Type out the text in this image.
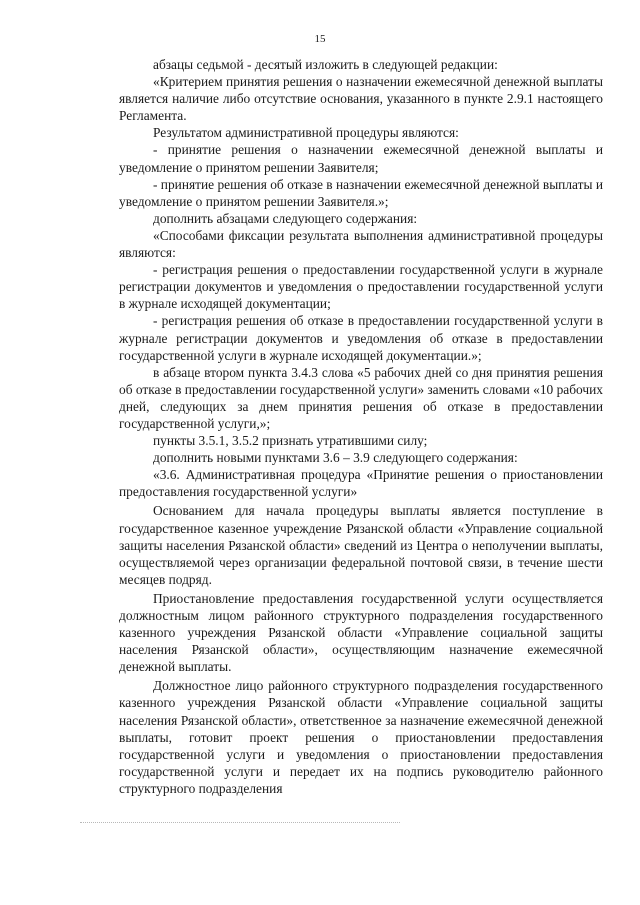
15

абзацы седьмой - десятый изложить в следующей редакции:

«Критерием принятия решения о назначении ежемесячной денежной выплаты является наличие либо отсутствие основания, указанного в пункте 2.9.1 настоящего Регламента.

Результатом административной процедуры являются:

- принятие решения о назначении ежемесячной денежной выплаты и уведомление о принятом решении Заявителя;

- принятие решения об отказе в назначении ежемесячной денежной выплаты и уведомление о принятом решении Заявителя.»;

дополнить абзацами следующего содержания:

«Способами фиксации результата выполнения административной процедуры являются:

- регистрация решения о предоставлении государственной услуги в журнале регистрации документов и уведомления о предоставлении государственной услуги в журнале исходящей документации;

- регистрация решения об отказе в предоставлении государственной услуги в журнале регистрации документов и уведомления об отказе в предоставлении государственной услуги в журнале исходящей документации.»;

в абзаце втором пункта 3.4.3 слова «5 рабочих дней со дня принятия решения об отказе в предоставлении государственной услуги» заменить словами «10 рабочих дней, следующих за днем принятия решения об отказе в предоставлении государственной услуги,»;

пункты 3.5.1, 3.5.2 признать утратившими силу;

дополнить новыми пунктами 3.6 – 3.9 следующего содержания:

«3.6. Административная процедура «Принятие решения о приостановлении предоставления государственной услуги»

Основанием для начала процедуры выплаты является поступление в государственное казенное учреждение Рязанской области «Управление социальной защиты населения Рязанской области» сведений из Центра о неполучении выплаты, осуществляемой через организации федеральной почтовой связи, в течение шести месяцев подряд.

Приостановление предоставления государственной услуги осуществляется должностным лицом районного структурного подразделения государственного казенного учреждения Рязанской области «Управление социальной защиты населения Рязанской области», осуществляющим назначение ежемесячной денежной выплаты.

Должностное лицо районного структурного подразделения государственного казенного учреждения Рязанской области «Управление социальной защиты населения Рязанской области», ответственное за назначение ежемесячной денежной выплаты, готовит проект решения о приостановлении предоставления государственной услуги и уведомления о приостановлении предоставления государственной услуги и передает их на подпись руководителю районного структурного подразделения
